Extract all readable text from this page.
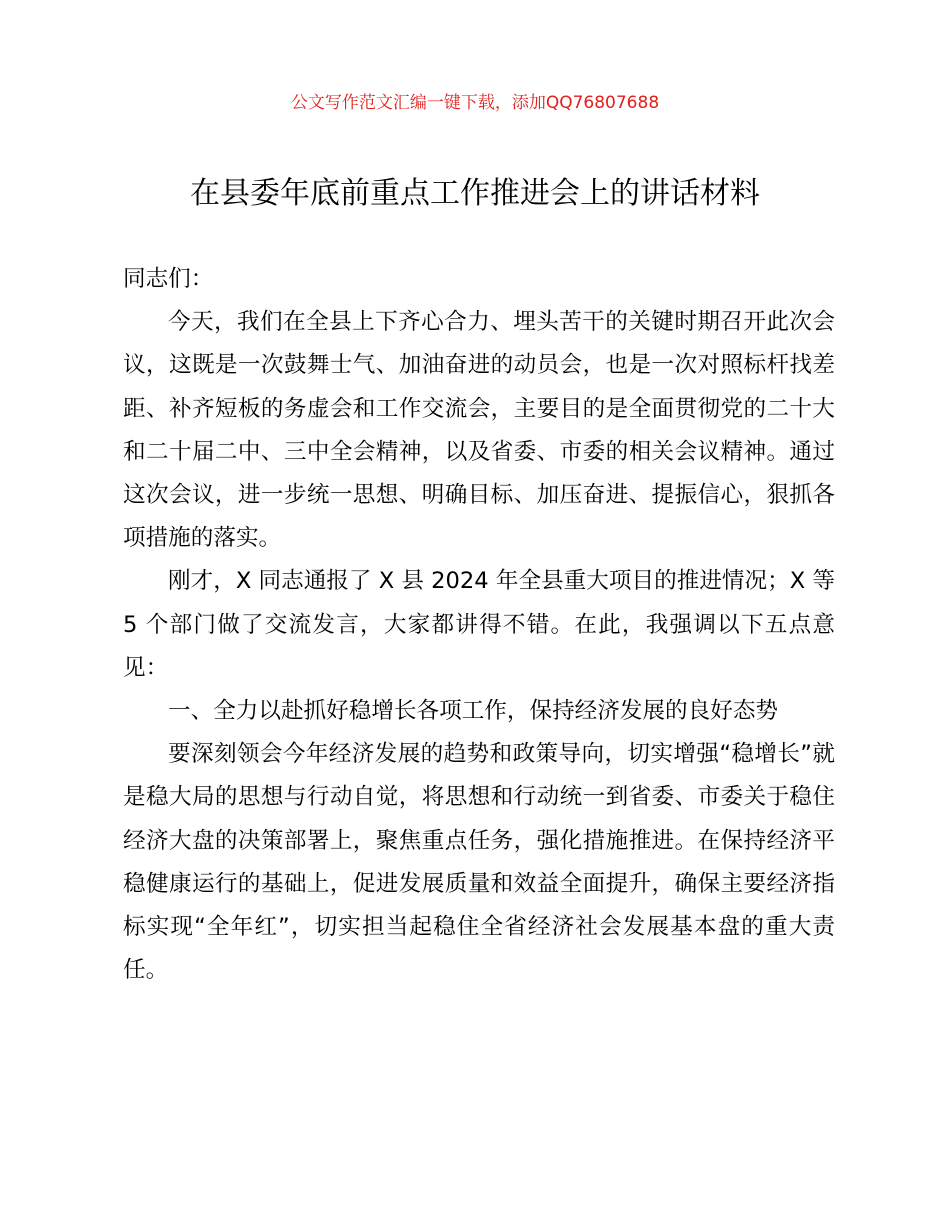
公文写作范文汇编一键下载，添加QQ76807688
在县委年底前重点工作推进会上的讲话材料

同志们：

今天，我们在全县上下齐心合力、埋头苦干的关键时期召开此次会议，这既是一次鼓舞士气、加油奋进的动员会，也是一次对照标杆找差距、补齐短板的务虚会和工作交流会，主要目的是全面贯彻党的二十大和二十届二中、三中全会精神，以及省委、市委的相关会议精神。通过这次会议，进一步统一思想、明确目标、加压奋进、提振信心，狠抓各项措施的落实。

刚才，X 同志通报了 X 县 2024 年全县重大项目的推进情况；X 等 5 个部门做了交流发言，大家都讲得不错。在此，我强调以下五点意见：

一、全力以赴抓好稳增长各项工作，保持经济发展的良好态势

要深刻领会今年经济发展的趋势和政策导向，切实增强“稳增长”就是稳大局的思想与行动自觉，将思想和行动统一到省委、市委关于稳住经济大盘的决策部署上，聚焦重点任务，强化措施推进。在保持经济平稳健康运行的基础上，促进发展质量和效益全面提升，确保主要经济指标实现“全年红”，切实担当起稳住全省经济社会发展基本盘的重大责任。
